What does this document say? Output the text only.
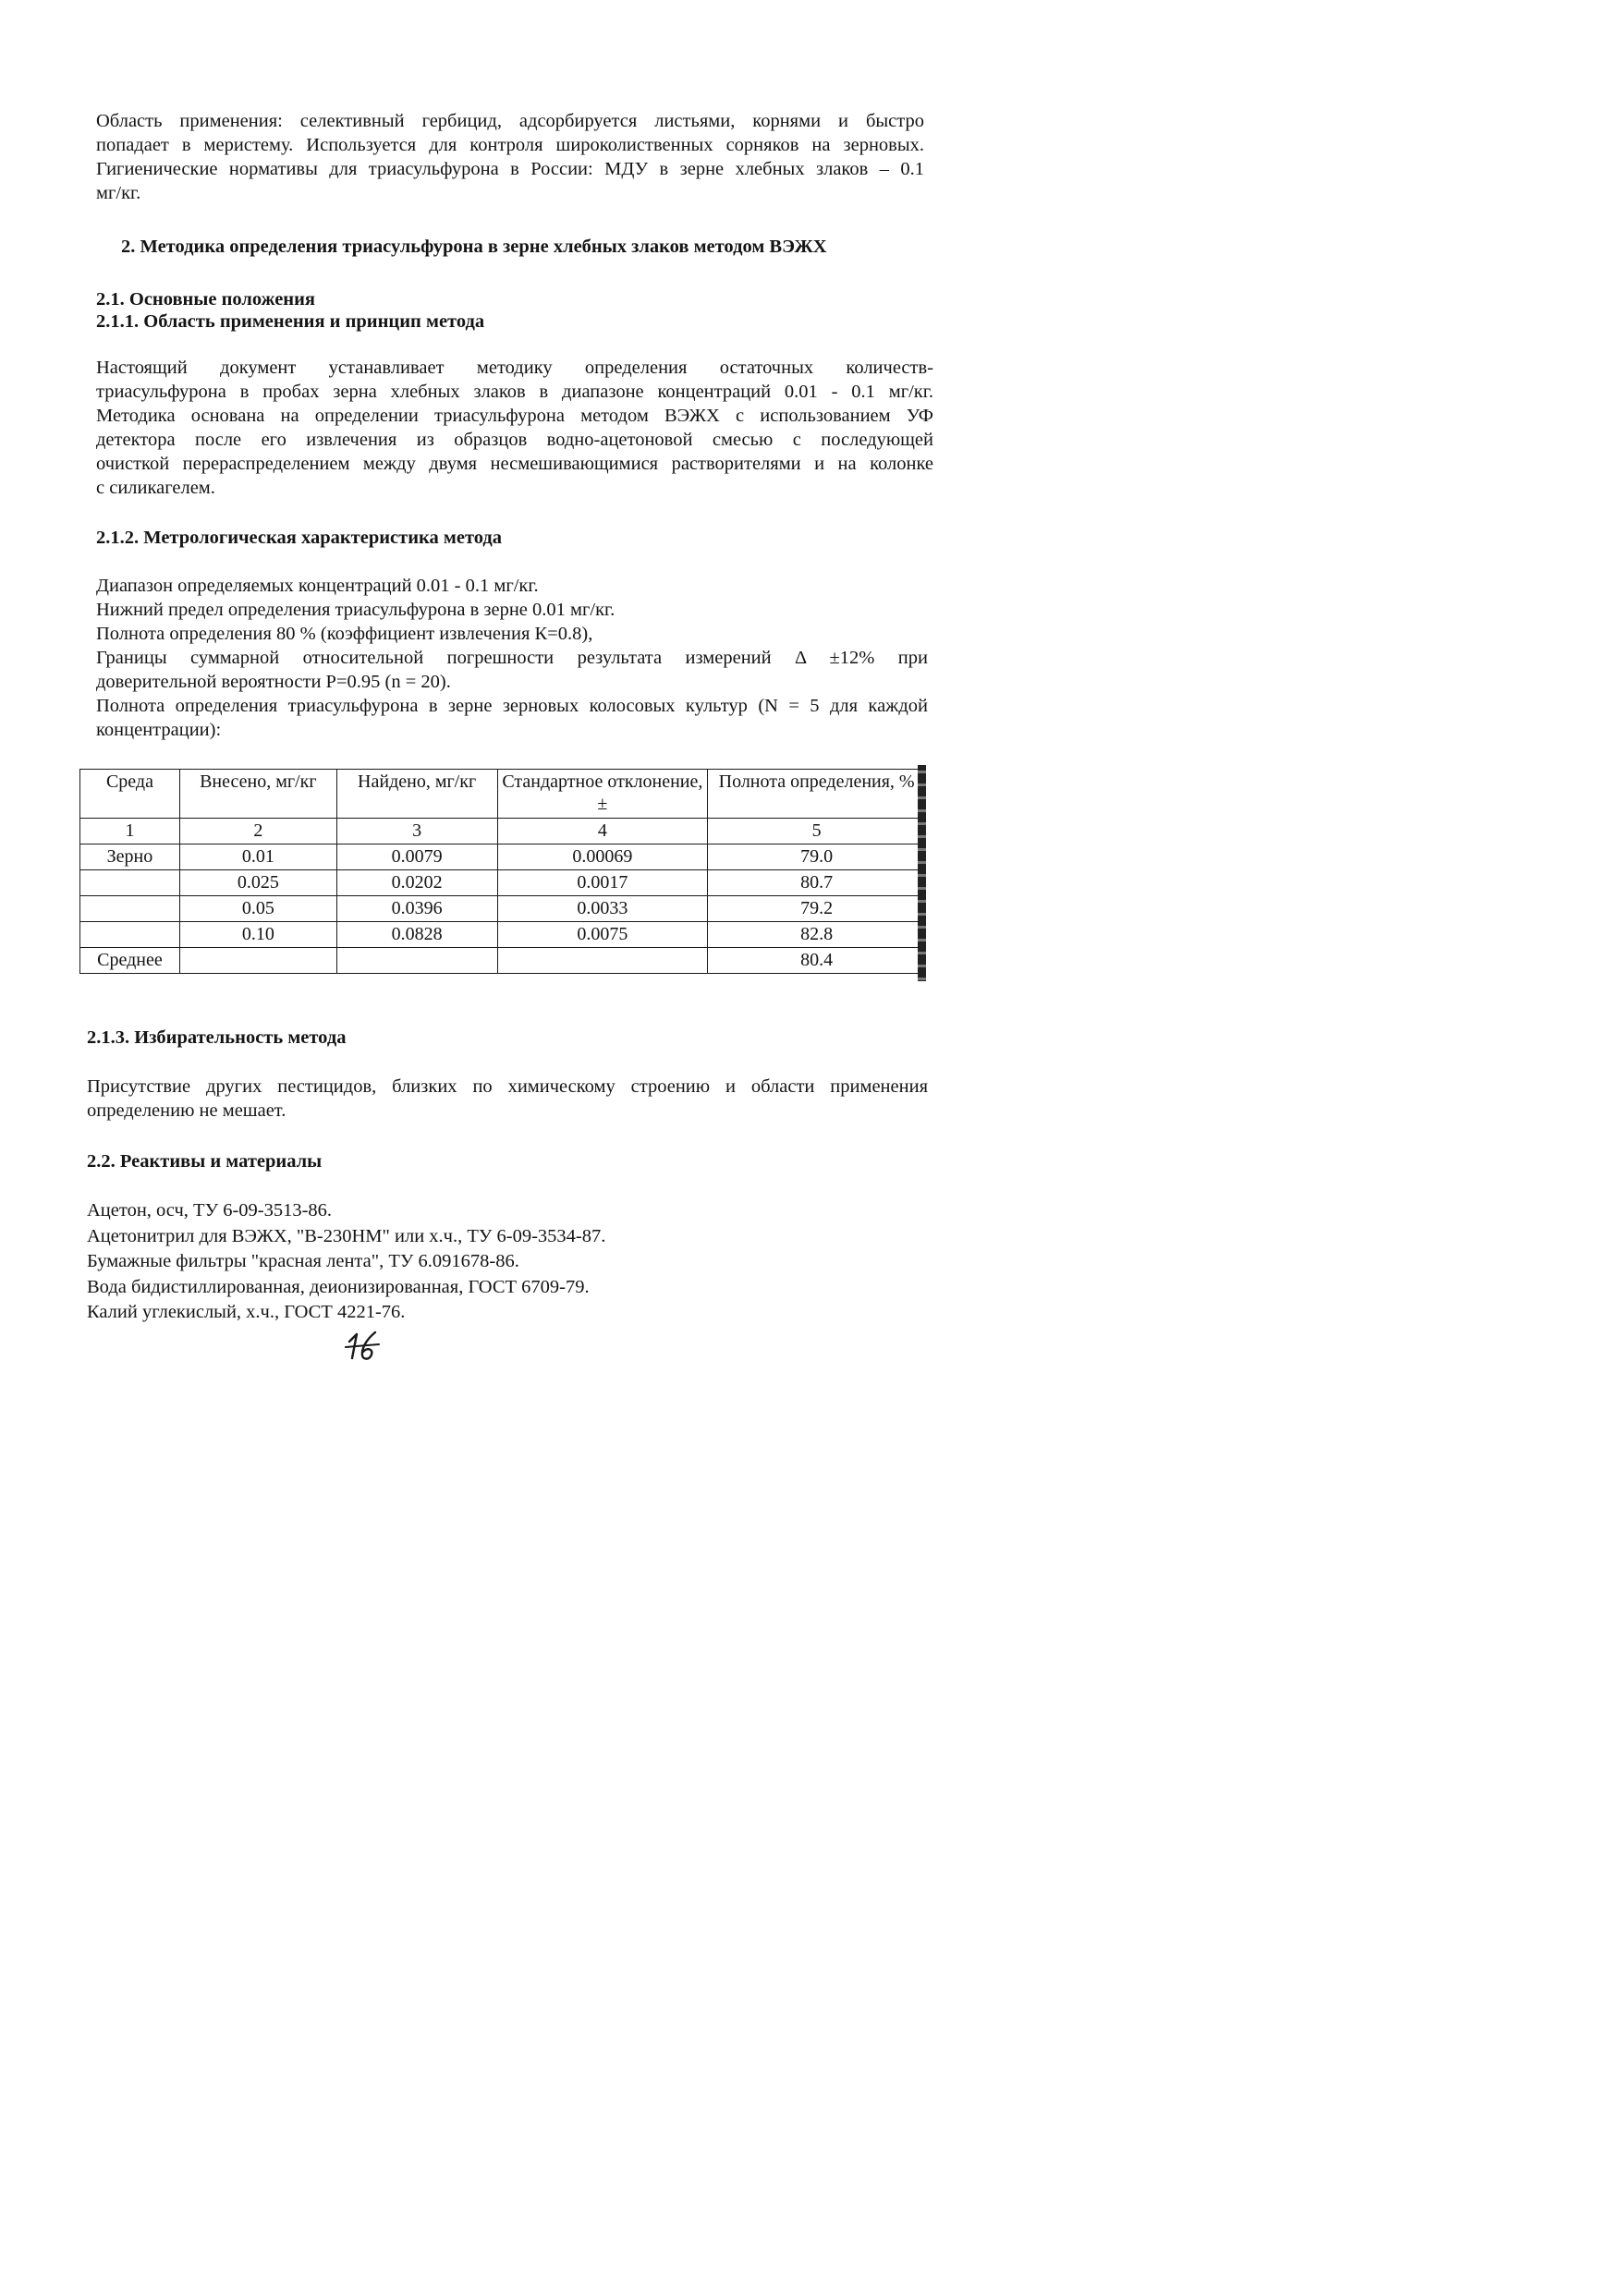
Область применения: селективный гербицид, адсорбируется листьями, корнями и быстро

попадает в меристему. Используется для контроля широколиственных сорняков на зерновых.

Гигиенические нормативы для триасульфурона в России: МДУ в зерне хлебных злаков – 0.1

мг/кг.

2. Методика определения триасульфурона в зерне хлебных злаков методом ВЭЖХ
2.1. Основные положения
2.1.1. Область применения и принцип метода

Настоящий документ устанавливает методику определения остаточных количеств-

триасульфурона в пробах зерна хлебных злаков в диапазоне концентраций 0.01 - 0.1 мг/кг.

Методика основана на определении триасульфурона методом ВЭЖХ с использованием УФ

детектора после его извлечения из образцов водно-ацетоновой смесью с последующей

очисткой перераспределением между двумя несмешивающимися растворителями и на колонке

с силикагелем.

2.1.2. Метрологическая характеристика метода

Диапазон определяемых концентраций 0.01 - 0.1 мг/кг.

Нижний предел определения триасульфурона в зерне 0.01 мг/кг.

Полнота определения 80 % (коэффициент извлечения К=0.8),

Границы суммарной относительной погрешности результата измерений Δ ±12% при

доверительной вероятности Р=0.95 (n = 20).

Полнота определения триасульфурона в зерне зерновых колосовых культур (N = 5 для каждой

концентрации):

Среда	Внесено, мг/кг	Найдено, мг/кг	Стандартное отклонение, ±	Полнота определения, %
1	2	3	4	5
Зерно	0.01	0.0079	0.00069	79.0
	0.025	0.0202	0.0017	80.7
	0.05	0.0396	0.0033	79.2
	0.10	0.0828	0.0075	82.8
Среднее				80.4
2.1.3. Избирательность метода

Присутствие других пестицидов, близких по химическому строению и области применения

определению не мешает.

2.2. Реактивы и материалы

Ацетон, осч, ТУ 6-09-3513-86.

Ацетонитрил для ВЭЖХ, "В-230НМ" или х.ч., ТУ 6-09-3534-87.

Бумажные фильтры "красная лента", ТУ 6.091678-86.

Вода бидистиллированная, деионизированная, ГОСТ 6709-79.

Калий углекислый, х.ч., ГОСТ 4221-76.
